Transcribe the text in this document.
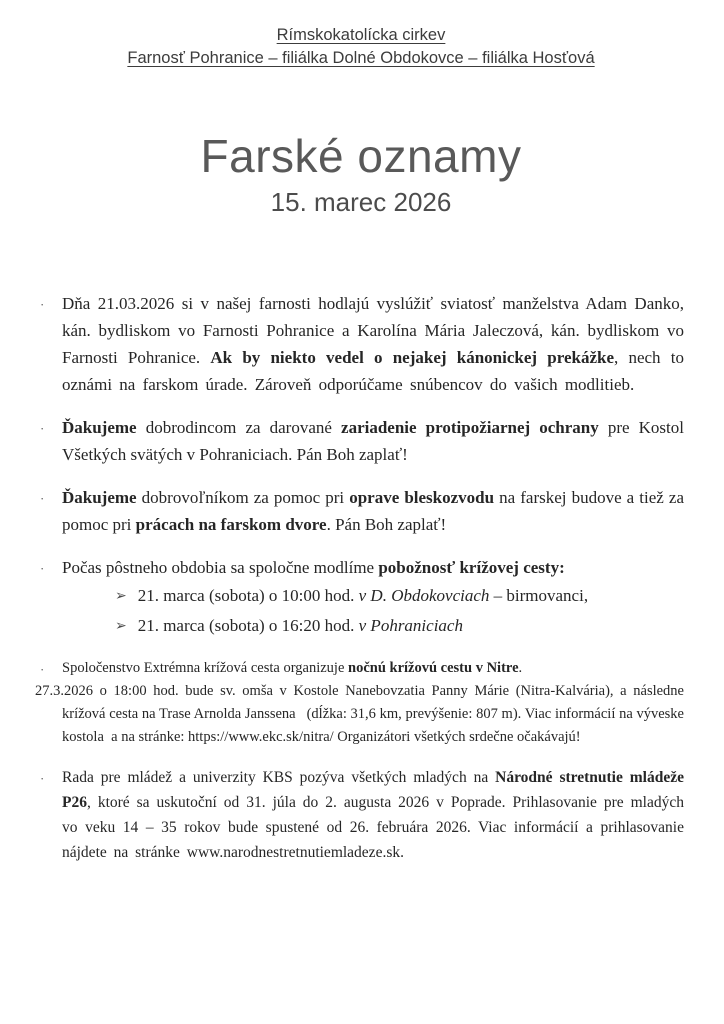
Rímskokatolícka cirkev
Farnosť Pohranice – filiálka Dolné Obdokovce – filiálka Hosťová
Farské oznamy
15. marec 2026
· Dňa 21.03.2026 si v našej farnosti hodlajú vyslúžiť sviatosť manželstva Adam Danko, kán. bydliskom vo Farnosti Pohranice a Karolína Mária Jaleczová, kán. bydliskom vo Farnosti Pohranice. Ak by niekto vedel o nejakej kánonickej prekážke, nech to oznámi na farskom úrade. Zároveň odporúčame snúbencov do vašich modlitieb.

· Ďakujeme dobrodincom za darované zariadenie protipožiarnej ochrany pre Kostol Všetkých svätých v Pohraniciach. Pán Boh zaplať!

· Ďakujeme dobrovoľníkom za pomoc pri oprave bleskozvodu na farskej budove a tiež za pomoc pri prácach na farskom dvore. Pán Boh zaplať!

· Počas pôstneho obdobia sa spoločne modlíme pobožnosť krížovej cesty:

➢ 21. marca (sobota) o 10:00 hod. v D. Obdokovciach – birmovanci,
➢ 21. marca (sobota) o 16:20 hod. v Pohraniciach
· Spoločenstvo Extrémna krížová cesta organizuje nočnú krížovú cestu v Nitre.

27.3.2026 o 18:00 hod. bude sv. omša v Kostole Nanebovzatia Panny Márie (Nitra-Kalvária), a následne krížová cesta na Trase Arnolda Janssena  (dĺžka: 31,6 km, prevýšenie: 807 m). Viac informácií na výveske kostola a na stránke: https://www.ekc.sk/nitra/ Organizátori všetkých srdečne očakávajú!

· Rada pre mládež a univerzity KBS pozýva všetkých mladých na Národné stretnutie mládeže P26, ktoré sa uskutoční od 31. júla do 2. augusta 2026 v Poprade. Prihlasovanie pre mladých vo veku 14 – 35 rokov bude spustené od 26. februára 2026. Viac informácií a prihlasovanie nájdete na stránke www.narodnestretnutiemladeze.sk.
